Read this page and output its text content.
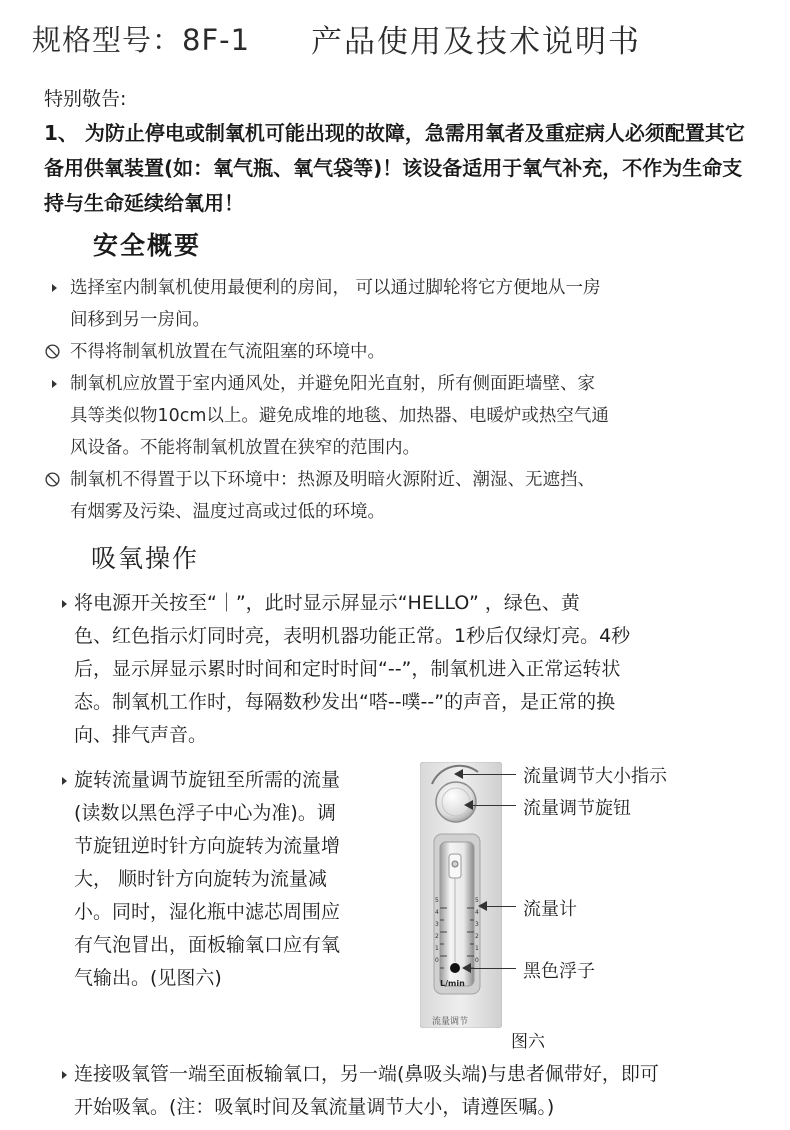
规格型号：8F-1 产品使用及技术说明书
特别敬告:
1、 为防止停电或制氧机可能出现的故障，急需用氧者及重症病人必须配置其它备用供氧装置(如：氧气瓶、氧气袋等)！该设备适用于氧气补充，不作为生命支持与生命延续给氧用！
安全概要
选择室内制氧机使用最便利的房间， 可以通过脚轮将它方便地从一房
间移到另一房间。
不得将制氧机放置在气流阻塞的环境中。
制氧机应放置于室内通风处，并避免阳光直射，所有侧面距墙壁、家
具等类似物10cm以上。避免成堆的地毯、加热器、电暖炉或热空气通
风设备。不能将制氧机放置在狭窄的范围内。
制氧机不得置于以下环境中：热源及明暗火源附近、潮湿、无遮挡、
有烟雾及污染、温度过高或过低的环境。
吸氧操作
将电源开关按至“｜”，此时显示屏显示“HELLO” ，绿色、黄
色、红色指示灯同时亮，表明机器功能正常。1秒后仅绿灯亮。4秒
后，显示屏显示累时时间和定时时间“--”，制氧机进入正常运转状
态。制氧机工作时，每隔数秒发出“嗒--噗--”的声音，是正常的换
向、排气声音。
旋转流量调节旋钮至所需的流量
(读数以黑色浮子中心为准)。调
节旋钮逆时针方向旋转为流量增
大， 顺时针方向旋转为流量减
小。同时，湿化瓶中滤芯周围应
有气泡冒出，面板输氧口应有氧
气输出。(见图六)
5
4
3
2
1
0
5
4
3
2
1
0
L/min
流量调节
流量调节大小指示
流量调节旋钮
流量计
黑色浮子
图六
连接吸氧管一端至面板输氧口，另一端(鼻吸头端)与患者佩带好，即可
开始吸氧。(注：吸氧时间及氧流量调节大小，请遵医嘱。)
